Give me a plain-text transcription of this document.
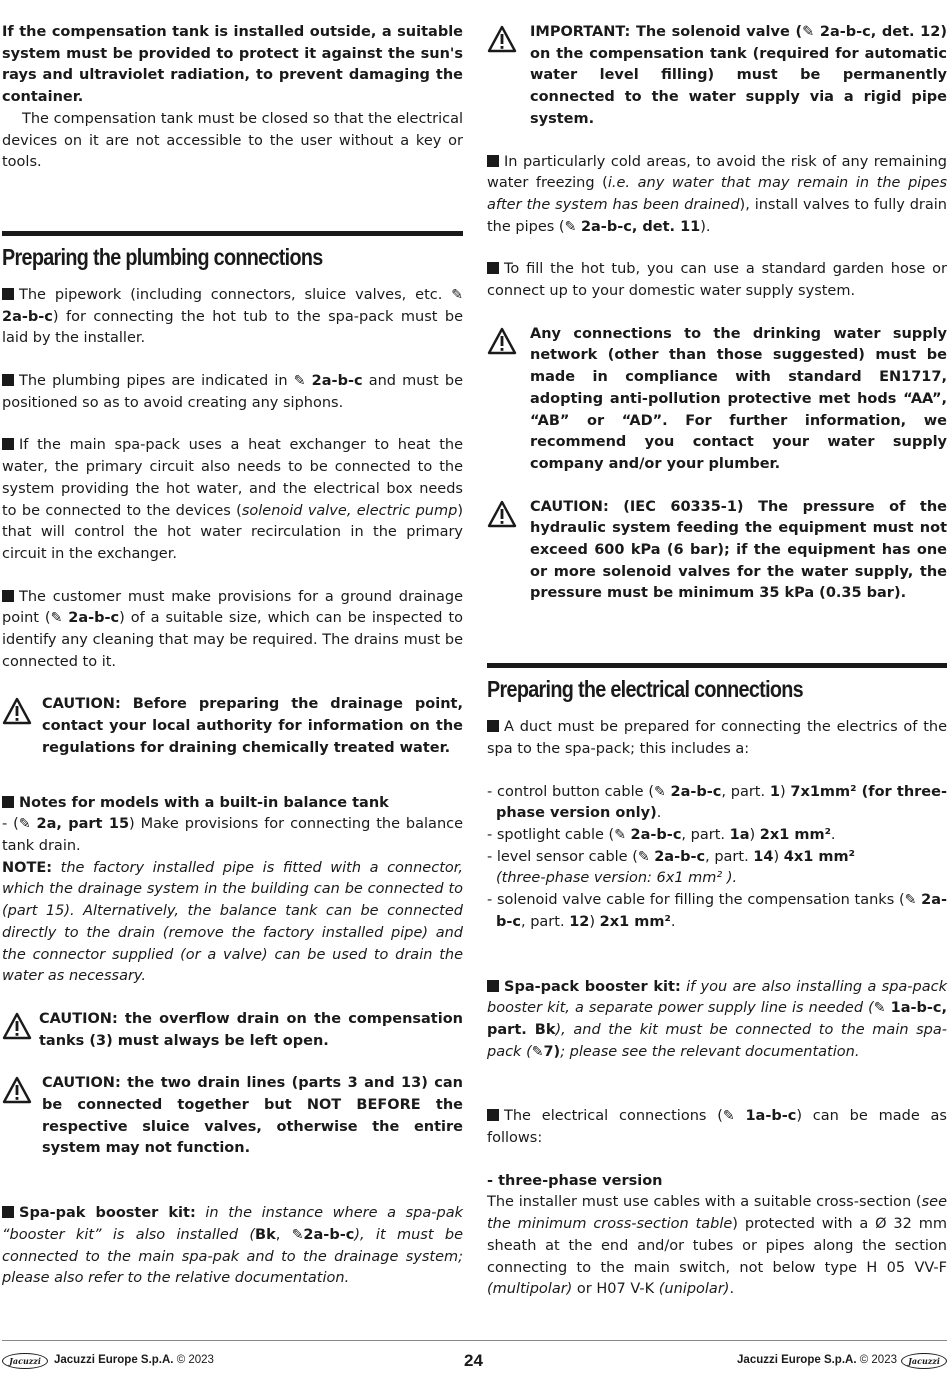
If the compensation tank is installed outside, a suitable system must be provided to protect it against the sun's rays and ultraviolet radiation, to prevent damaging the container.

The compensation tank must be closed so that the electrical devices on it are not accessible to the user without a key or tools.

Preparing the plumbing connections

The pipework (including connectors, sluice valves, etc. ✎ 2a-b-c) for connecting the hot tub to the spa-pack must be laid by the installer.

The plumbing pipes are indicated in ✎ 2a-b-c and must be positioned so as to avoid creating any siphons.

If the main spa-pack uses a heat exchanger to heat the water, the primary circuit also needs to be connected to the system providing the hot water, and the electrical box needs to be connected to the devices (solenoid valve, electric pump) that will control the hot water recirculation in the primary circuit in the exchanger.

The customer must make provisions for a ground drainage point (✎ 2a-b-c) of a suitable size, which can be inspected to identify any cleaning that may be required. The drains must be connected to it.

CAUTION: Before preparing the drainage point, contact your local authority for information on the regulations for draining chemically treated water.

Notes for models with a built-in balance tank

- (✎ 2a, part 15) Make provisions for connecting the balance tank drain.

NOTE: the factory installed pipe is fitted with a connector, which the drainage system in the building can be connected to (part 15). Alternatively, the balance tank can be connected directly to the drain (remove the factory installed pipe) and the connector supplied (or a valve) can be used to drain the water as necessary.

CAUTION: the overflow drain on the compensation tanks (3) must always be left open.

CAUTION: the two drain lines (parts 3 and 13) can be connected together but NOT BEFORE the respective sluice valves, otherwise the entire system may not function.

Spa-pak booster kit: in the instance where a spa-pak “booster kit” is also installed (Bk, ✎2a-b-c), it must be connected to the main spa-pak and to the drainage system; please also refer to the relative documentation.

IMPORTANT: The solenoid valve (✎ 2a-b-c, det. 12) on the compensation tank (required for automatic water level filling) must be permanently connected to the water supply via a rigid pipe system.

In particularly cold areas, to avoid the risk of any remaining water freezing (i.e. any water that may remain in the pipes after the system has been drained), install valves to fully drain the pipes (✎ 2a-b-c, det. 11).

To fill the hot tub, you can use a standard garden hose or connect up to your domestic water supply system.

Any connections to the drinking water supply network (other than those suggested) must be made in compliance with standard EN1717, adopting anti-pollution protective met hods “AA”, “AB” or “AD”. For further information, we recommend you contact your water supply company and/or your plumber.

CAUTION: (IEC 60335-1) The pressure of the hydraulic system feeding the equipment must not exceed 600 kPa (6 bar); if the equipment has one or more solenoid valves for the water supply, the pressure must be minimum 35 kPa (0.35 bar).

Preparing the electrical connections

A duct must be prepared for connecting the electrics of the spa to the spa-pack; this includes a:

- control button cable (✎ 2a-b-c, part. 1) 7x1mm² (for three-phase version only).

- spotlight cable (✎ 2a-b-c, part. 1a) 2x1 mm².

- level sensor cable (✎ 2a-b-c, part. 14) 4x1 mm²

(three-phase version: 6x1 mm² ).

- solenoid valve cable for filling the compensation tanks (✎ 2a-b-c, part. 12) 2x1 mm².

Spa-pack booster kit: if you are also installing a spa-pack booster kit, a separate power supply line is needed (✎ 1a-b-c, part. Bk), and the kit must be connected to the main spa-pack (✎7); please see the relevant documentation.

The electrical connections (✎ 1a-b-c) can be made as follows:

- three-phase version

The installer must use cables with a suitable cross-section (see the minimum cross-section table) protected with a Ø 32 mm sheath at the end and/or tubes or pipes along the section connecting to the main switch, not below type H 05 VV-F (multipolar) or H07 V-K (unipolar).

Jacuzzi	Jacuzzi Europe S.p.A. © 2023	24	Jacuzzi Europe S.p.A. © 2023	Jacuzzi
